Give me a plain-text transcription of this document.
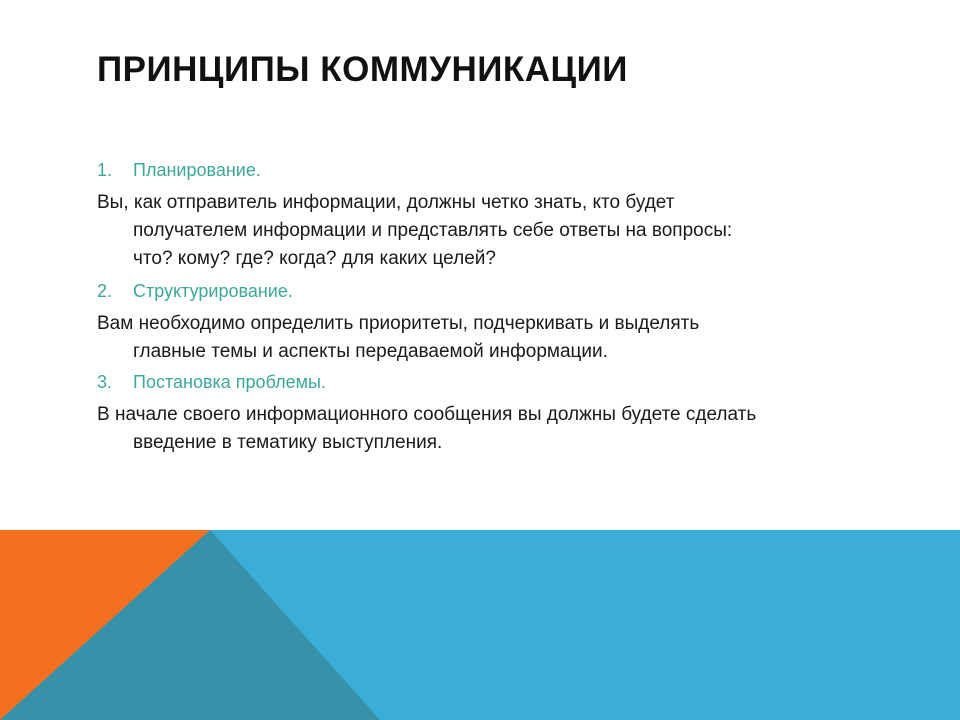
ПРИНЦИПЫ КОММУНИКАЦИИ
1.	Планирование.

Вы, как отправитель информации, должны четко знать, кто будет
получателем информации и представлять себе ответы на вопросы:
что? кому? где? когда? для каких целей?

2.	Структурирование.

Вам необходимо определить приоритеты, подчеркивать и выделять
главные темы и аспекты передаваемой информации.

3.	Постановка проблемы.

В начале своего информационного сообщения вы должны будете сделать
введение в тематику выступления.
